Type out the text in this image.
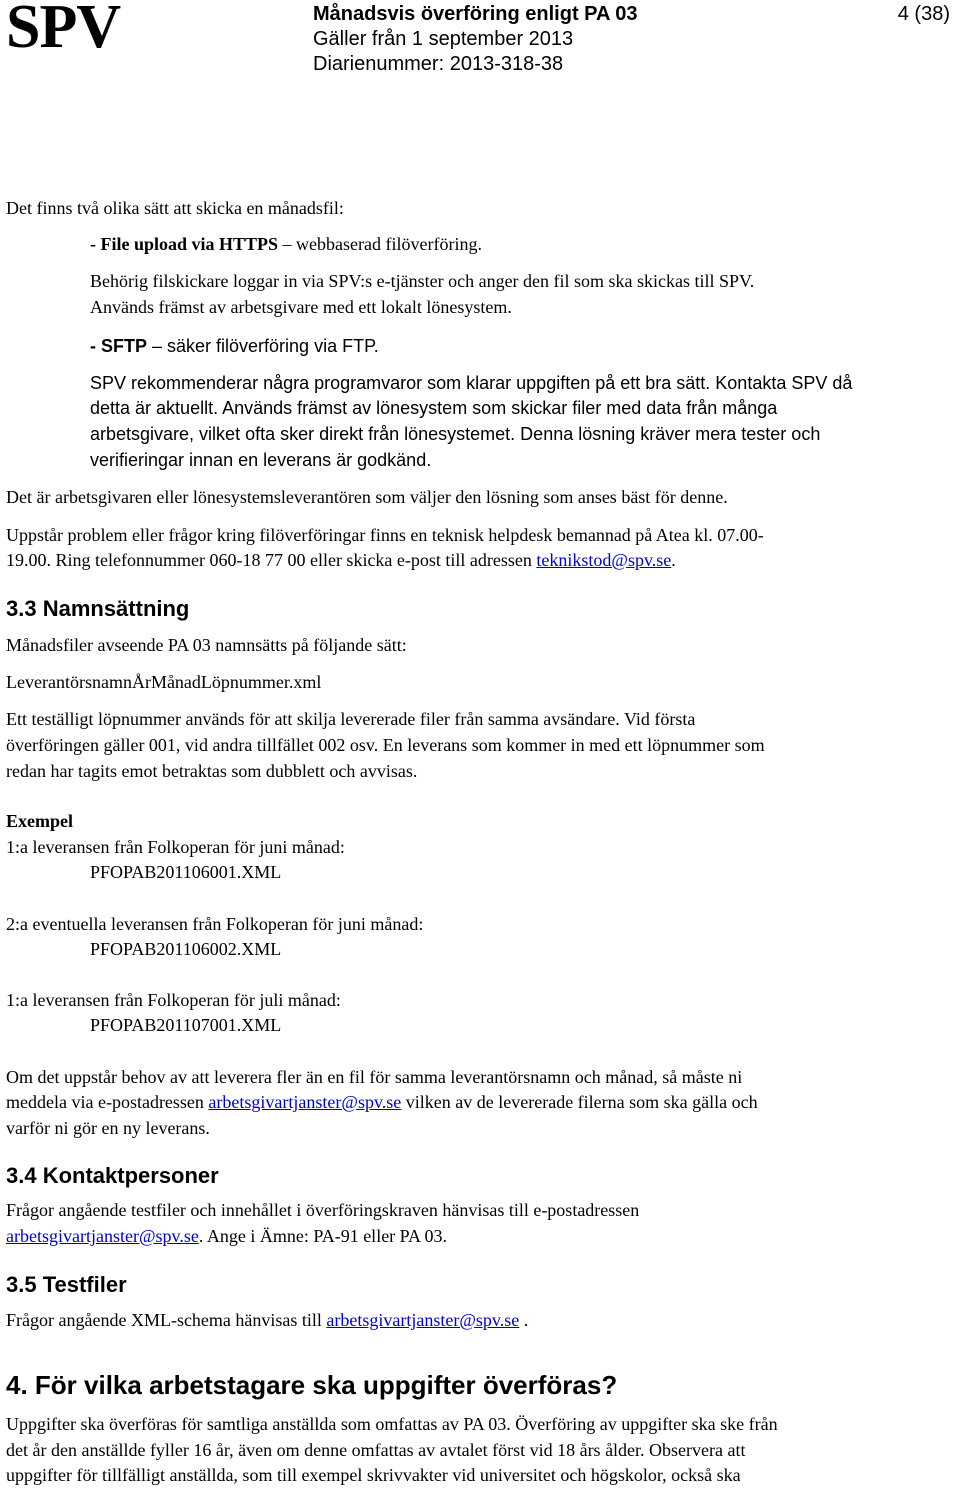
SPV	Månadsvis överföring enligt PA 03
Gäller från 1 september 2013
Diarienummer: 2013-318-38
4 (38)
Det finns två olika sätt att skicka en månadsfil:
- File upload via HTTPS – webbaserad filöverföring.
Behörig filskickare loggar in via SPV:s e-tjänster och anger den fil som ska skickas till SPV.
Används främst av arbetsgivare med ett lokalt lönesystem.
- SFTP – säker filöverföring via FTP.
SPV rekommenderar några programvaror som klarar uppgiften på ett bra sätt. Kontakta SPV då
detta är aktuellt. Används främst av lönesystem som skickar filer med data från många
arbetsgivare, vilket ofta sker direkt från lönesystemet. Denna lösning kräver mera tester och
verifieringar innan en leverans är godkänd.
Det är arbetsgivaren eller lönesystemsleverantören som väljer den lösning som anses bäst för denne.
Uppstår problem eller frågor kring filöverföringar finns en teknisk helpdesk bemannad på Atea kl. 07.00-
19.00. Ring telefonnummer 060-18 77 00 eller skicka e-post till adressen teknikstod@spv.se.
3.3 Namnsättning
Månadsfiler avseende PA 03 namnsätts på följande sätt:
LeverantörsnamnÅrMånadLöpnummer.xml
Ett teställigt löpnummer används för att skilja levererade filer från samma avsändare. Vid första
överföringen gäller 001, vid andra tillfället 002 osv. En leverans som kommer in med ett löpnummer som
redan har tagits emot betraktas som dubblett och avvisas.
Exempel
1:a leveransen från Folkoperan för juni månad:
PFOPAB201106001.XML
2:a eventuella leveransen från Folkoperan för juni månad:
PFOPAB201106002.XML
1:a leveransen från Folkoperan för juli månad:
PFOPAB201107001.XML
Om det uppstår behov av att leverera fler än en fil för samma leverantörsnamn och månad, så måste ni
meddela via e-postadressen arbetsgivartjanster@spv.se vilken av de levererade filerna som ska gälla och
varför ni gör en ny leverans.
3.4 Kontaktpersoner
Frågor angående testfiler och innehållet i överföringskraven hänvisas till e-postadressen
arbetsgivartjanster@spv.se. Ange i Ämne: PA-91 eller PA 03.
3.5 Testfiler
Frågor angående XML-schema hänvisas till arbetsgivartjanster@spv.se .
4. För vilka arbetstagare ska uppgifter överföras?
Uppgifter ska överföras för samtliga anställda som omfattas av PA 03. Överföring av uppgifter ska ske från
det år den anställde fyller 16 år, även om denne omfattas av avtalet först vid 18 års ålder. Observera att
uppgifter för tillfälligt anställda, som till exempel skrivvakter vid universitet och högskolor, också ska
